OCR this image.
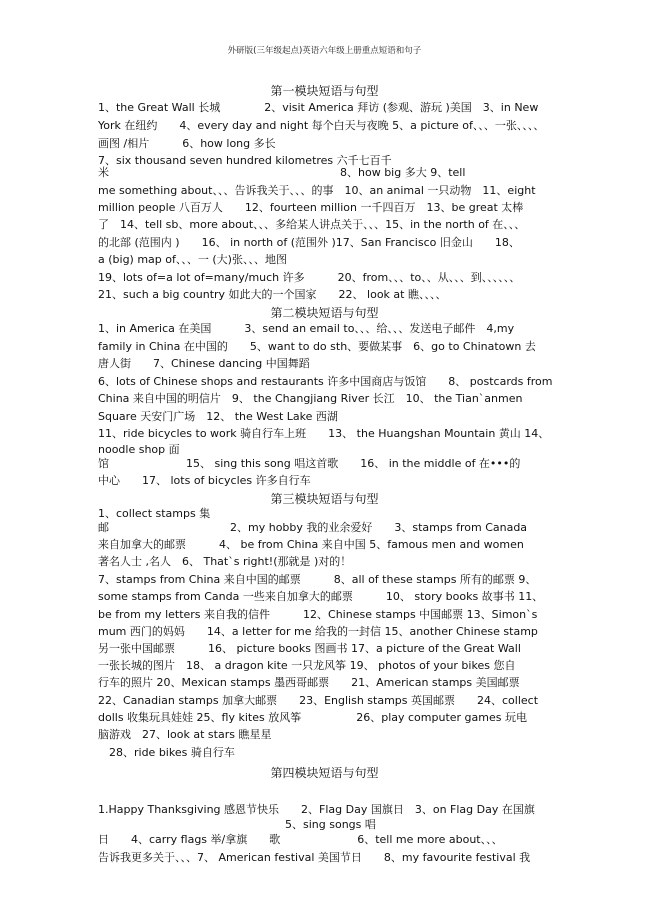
外研版(三年级起点)英语六年级上册重点短语和句子
第一模块短语与句型
1、the Great Wall 长城　　　　2、visit America 拜访 (参观、游玩 )美国　3、in New
York 在纽约　　4、every day and night 每个白天与夜晚 5、a picture of、、、一张、、、、
画图 /相片　　　6、how long 多长
7、six thousand seven hundred kilometres 六千七百千
米　　　　　　　　　　　　　　　　　　　　　8、how big 多大 9、tell
me something about、、、告诉我关于、、、的事　10、an animal 一只动物　11、eight
million people 八百万人　　12、fourteen million 一千四百万　13、be great 太棒
了　14、tell sb、more about、、、多给某人讲点关于、、、15、in the north of 在、、、
的北部 (范围内 )　　16、 in north of (范围外 )17、San Francisco 旧金山　　18、
a (big) map of、、、一 (大)张、、、地图
19、lots of=a lot of=many/much 许多　　　20、from、、、to、、从、、、到、、、、、、
21、such a big country 如此大的一个国家　　22、 look at 瞧、、、、
第二模块短语与句型
1、in America 在美国　　　3、send an email to、、、给、、、发送电子邮件　4,my
family in China 在中国的　　5、want to do sth、要做某事　6、go to Chinatown 去
唐人街　　7、Chinese dancing 中国舞蹈
6、lots of Chinese shops and restaurants 许多中国商店与饭馆　　8、 postcards from
China 来自中国的明信片　9、 the Changjiang River 长江　10、 the Tian`anmen
Square 天安门广场　12、 the West Lake 西湖
11、ride bicycles to work 骑自行车上班　　13、 the Huangshan Mountain 黄山 14、
noodle shop 面
馆　　　　　　　15、 sing this song 唱这首歌　　16、 in the middle of 在•••的
中心　　17、 lots of bicycles 许多自行车
第三模块短语与句型
1、collect stamps 集
邮　　　　　　　　　　　2、my hobby 我的业余爱好　　3、stamps from Canada
来自加拿大的邮票　　　4、 be from China 来自中国 5、famous men and women
著名人士 ,名人　6、 That`s right!(那就是 )对的！
7、stamps from China 来自中国的邮票　　　8、all of these stamps 所有的邮票 9、
some stamps from Canda 一些来自加拿大的邮票　　　10、 story books 故事书 11、
be from my letters 来自我的信件　　　12、Chinese stamps 中国邮票 13、Simon`s
mum 西门的妈妈　　14、a letter for me 给我的一封信 15、another Chinese stamp
另一张中国邮票　　　16、 picture books 图画书 17、a picture of the Great Wall
一张长城的图片　18、 a dragon kite 一只龙风筝 19、 photos of your bikes 您自
行车的照片 20、Mexican stamps 墨西哥邮票　　21、American stamps 美国邮票
22、Canadian stamps 加拿大邮票　　23、English stamps 英国邮票　　24、collect
dolls 收集玩具娃娃 25、fly kites 放风筝　　　　　26、play computer games 玩电
脑游戏　27、look at stars 瞧星星
　28、ride bikes 骑自行车
第四模块短语与句型
1.Happy Thanksgiving 感恩节快乐　　2、Flag Day 国旗日　3、on Flag Day 在国旗
　　　　　　　　　　　　　　　　　5、sing songs 唱
日　　4、carry flags 举/拿旗　　歌　　　　　　　6、tell me more about、、、
告诉我更多关于、、、7、 American festival 美国节日　　8、my favourite festival 我
